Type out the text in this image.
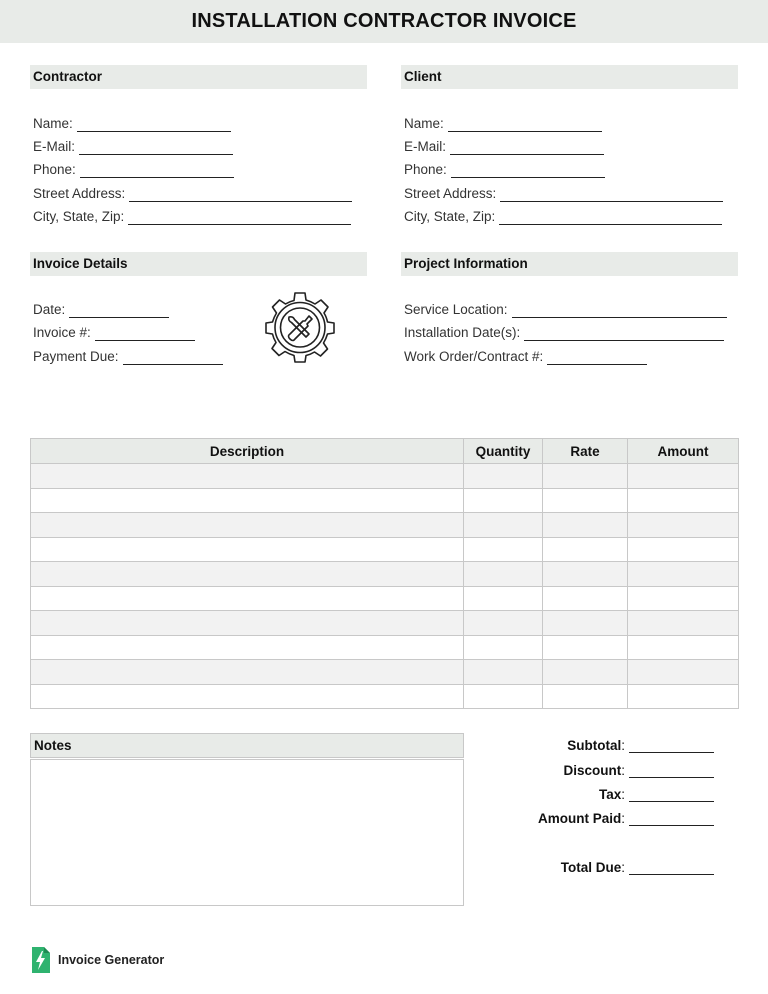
INSTALLATION CONTRACTOR INVOICE
Contractor
Name:
E-Mail:
Phone:
Street Address:
City, State, Zip:
Client
Name:
E-Mail:
Phone:
Street Address:
City, State, Zip:
Invoice Details
Date:
Invoice #:
Payment Due:
Project Information
Service Location:
Installation Date(s):
Work Order/Contract #:
Description	Quantity	Rate	Amount

Notes	Subtotal :
Discount :
Tax :
Amount Paid :
Total Due :
Invoice Generator
